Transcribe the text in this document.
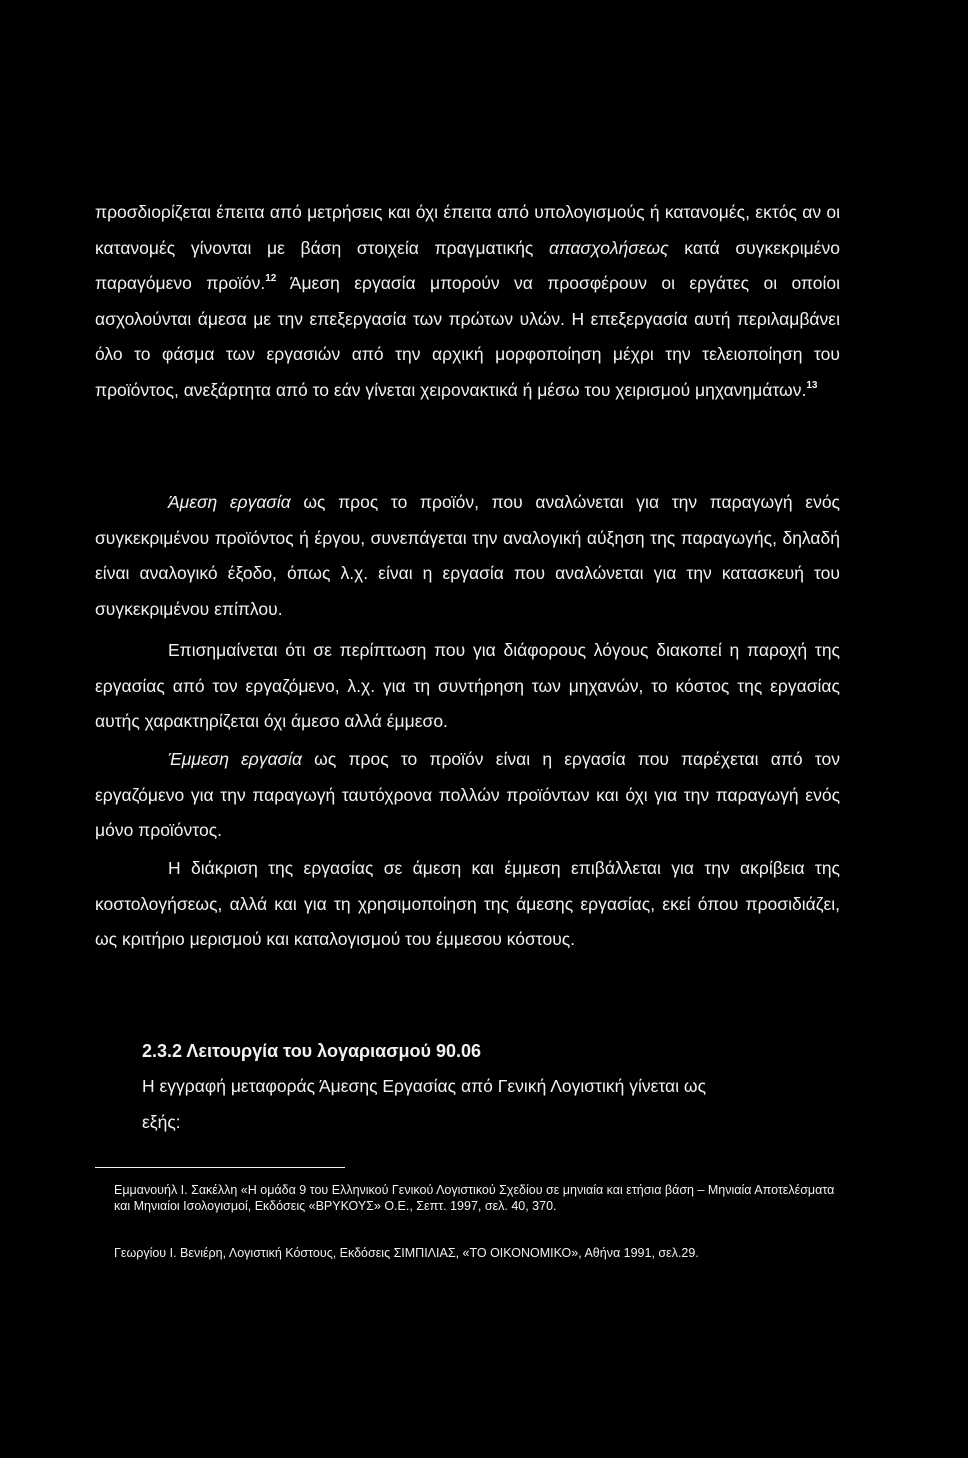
προσδιορίζεται έπειτα από μετρήσεις και όχι έπειτα από υπολογισμούς ή κατανομές, εκτός αν οι κατανομές γίνονται με βάση στοιχεία πραγματικής απασχολήσεως κατά συγκεκριμένο παραγόμενο προϊόν.$^{12}$ Άμεση εργασία μπορούν να προσφέρουν οι εργάτες οι οποίοι ασχολούνται άμεσα με την επεξεργασία των πρώτων υλών. Η επεξεργασία αυτή περιλαμβάνει όλο το φάσμα των εργασιών από την αρχική μορφοποίηση μέχρι την τελειοποίηση του προϊόντος, ανεξάρτητα από το εάν γίνεται χειρονακτικά ή μέσω του χειρισμού μηχανημάτων.$^{13}$

Άμεση εργασία ως προς το προϊόν, που αναλώνεται για την παραγωγή ενός συγκεκριμένου προϊόντος ή έργου, συνεπάγεται την αναλογική αύξηση της παραγωγής, δηλαδή είναι αναλογικό έξοδο, όπως λ.χ. είναι η εργασία που αναλώνεται για την κατασκευή του συγκεκριμένου επίπλου.

Επισημαίνεται ότι σε περίπτωση που για διάφορους λόγους διακοπεί η παροχή της εργασίας από τον εργαζόμενο, λ.χ. για τη συντήρηση των μηχανών, το κόστος της εργασίας αυτής χαρακτηρίζεται όχι άμεσο αλλά έμμεσο.

Έμμεση εργασία ως προς το προϊόν είναι η εργασία που παρέχεται από τον εργαζόμενο για την παραγωγή ταυτόχρονα πολλών προϊόντων και όχι για την παραγωγή ενός μόνο προϊόντος.

Η διάκριση της εργασίας σε άμεση και έμμεση επιβάλλεται για την ακρίβεια της κοστολογήσεως, αλλά και για τη χρησιμοποίηση της άμεσης εργασίας, εκεί όπου προσιδιάζει, ως κριτήριο μερισμού και καταλογισμού του έμμεσου κόστους.

2.3.2 Λειτουργία του λογαριασμού 90.06

Η εγγραφή μεταφοράς Άμεσης Εργασίας από Γενική Λογιστική γίνεται ως

εξής:

Εμμανουήλ Ι. Σακέλλη «Η ομάδα 9 του Ελληνικού Γενικού Λογιστικού Σχεδίου σε μηνιαία και ετήσια βάση – Μηνιαία Αποτελέσματα και Μηνιαίοι Ισολογισμοί, Εκδόσεις «ΒΡΥΚΟΥΣ» Ο.Ε., Σεπτ. 1997, σελ. 40, 370.

Γεωργίου Ι. Βενιέρη, Λογιστική Κόστους, Εκδόσεις ΣΙΜΠΙΛΙΑΣ, «ΤΟ ΟΙΚΟΝΟΜΙΚΟ», Αθήνα 1991, σελ.29.
